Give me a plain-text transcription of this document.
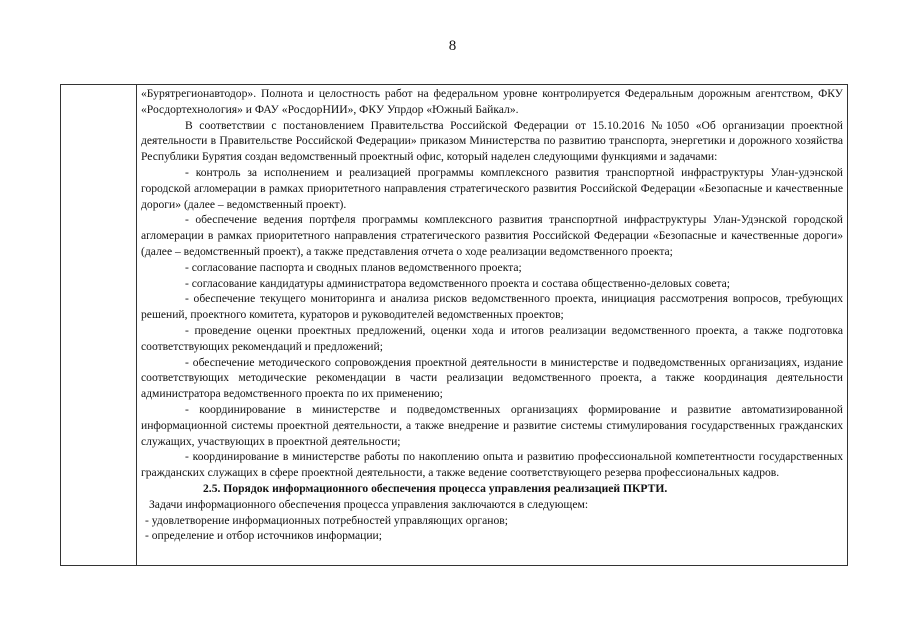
8

«Бурятрегионавтодор». Полнота и целостность работ на федеральном уровне контролируется Федеральным дорожным агентством, ФКУ «Росдортехнология» и ФАУ «РосдорНИИ», ФКУ Упрдор «Южный Байкал».

В соответствии с постановлением Правительства Российской Федерации от 15.10.2016 №1050 «Об организации проектной деятельности в Правительстве Российской Федерации» приказом Министерства по развитию транспорта, энергетики и дорожного хозяйства Республики Бурятия создан ведомственный проектный офис, который наделен следующими функциями и задачами:

- контроль за исполнением и реализацией программы комплексного развития транспортной инфраструктуры Улан-удэнской городской агломерации в рамках приоритетного направления стратегического развития Российской Федерации «Безопасные и качественные дороги» (далее – ведомственный проект).

- обеспечение ведения портфеля программы комплексного развития транспортной инфраструктуры Улан-Удэнской городской агломерации в рамках приоритетного направления стратегического развития Российской Федерации «Безопасные и качественные дороги» (далее – ведомственный проект), а также представления отчета о ходе реализации ведомственного проекта;

- согласование паспорта и сводных планов ведомственного проекта;

- согласование кандидатуры администратора ведомственного проекта и состава общественно-деловых совета;

- обеспечение текущего мониторинга и анализа рисков ведомственного проекта, инициация рассмотрения вопросов, требующих решений, проектного комитета, кураторов и руководителей ведомственных проектов;

- проведение оценки проектных предложений, оценки хода и итогов реализации ведомственного проекта, а также подготовка соответствующих рекомендаций и предложений;

- обеспечение методического сопровождения проектной деятельности в министерстве и подведомственных организациях, издание соответствующих методические рекомендации в части реализации ведомственного проекта, а также координация деятельности администратора ведомственного проекта по их применению;

- координирование в министерстве и подведомственных организациях формирование и развитие автоматизированной информационной системы проектной деятельности, а также внедрение и развитие системы стимулирования государственных гражданских служащих, участвующих в проектной деятельности;

- координирование в министерстве работы по накоплению опыта и развитию профессиональной компетентности государственных гражданских служащих в сфере проектной деятельности, а также ведение соответствующего резерва профессиональных кадров.

2.5. Порядок информационного обеспечения процесса управления реализацией ПКРТИ.

Задачи информационного обеспечения процесса управления заключаются в следующем:

- удовлетворение информационных потребностей управляющих органов;

- определение и отбор источников информации;
